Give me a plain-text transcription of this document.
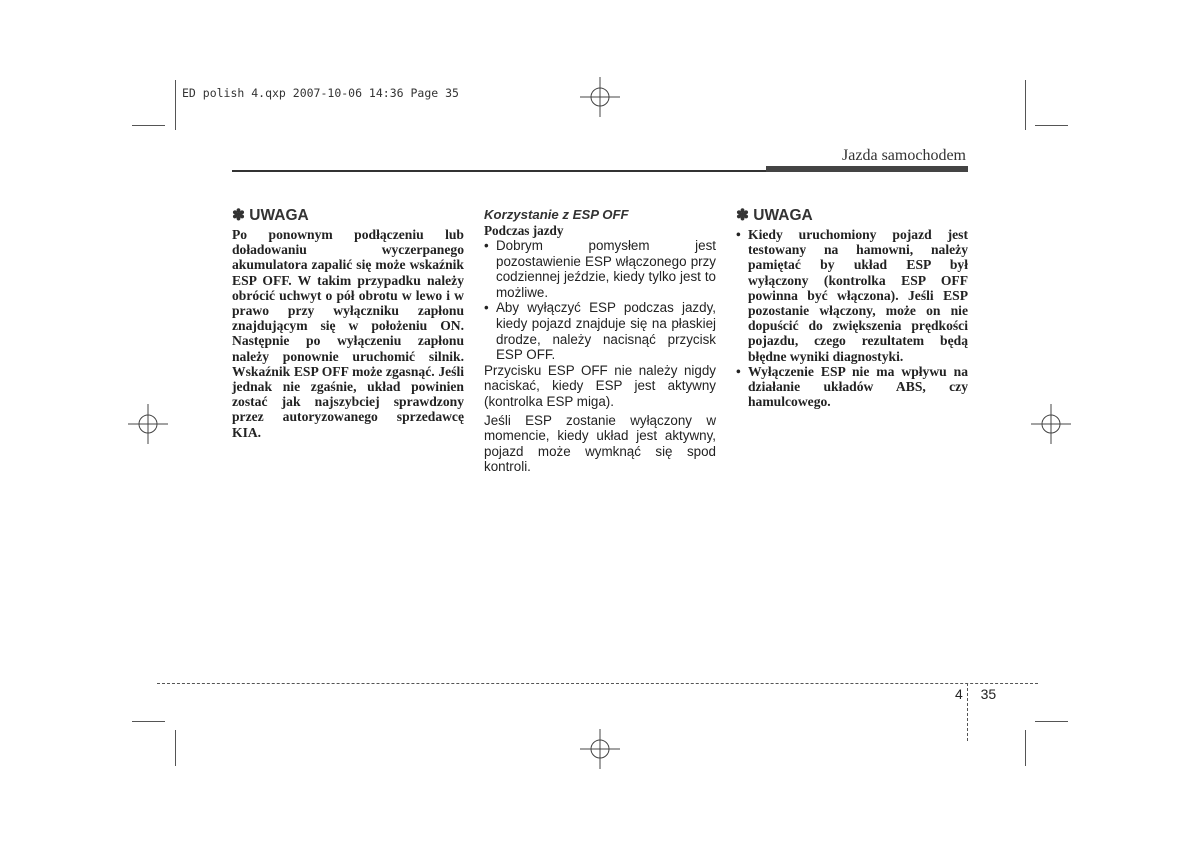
ED polish 4.qxp 2007-10-06 14:36 Page 35
Jazda samochodem
✽ UWAGA

Po ponownym podłączeniu lub doładowaniu wyczerpanego akumulatora zapalić się może wskaźnik ESP OFF. W takim przypadku należy obrócić uchwyt o pół obrotu w lewo i w prawo przy wyłączniku zapłonu znajdującym się w położeniu ON. Następnie po wyłączeniu zapłonu należy ponownie uruchomić silnik. Wskaźnik ESP OFF może zgasnąć. Jeśli jednak nie zgaśnie, układ powinien zostać jak najszybciej sprawdzony przez autoryzowanego sprzedawcę KIA.

Korzystanie z ESP OFF
Podczas jazdy
• Dobrym pomysłem jest pozostawienie ESP włączonego przy codziennej jeździe, kiedy tylko jest to możliwe.
• Aby wyłączyć ESP podczas jazdy, kiedy pojazd znajduje się na płaskiej drodze, należy nacisnąć przycisk ESP OFF.

Przycisku ESP OFF nie należy nigdy naciskać, kiedy ESP jest aktywny (kontrolka ESP miga).

Jeśli ESP zostanie wyłączony w momencie, kiedy układ jest aktywny, pojazd może wymknąć się spod kontroli.

✽ UWAGA
• Kiedy uruchomiony pojazd jest testowany na hamowni, należy pamiętać by układ ESP był wyłączony (kontrolka ESP OFF powinna być włączona). Jeśli ESP pozostanie włączony, może on nie dopuścić do zwiększenia prędkości pojazdu, czego rezultatem będą błędne wyniki diagnostyki.
• Wyłączenie ESP nie ma wpływu na działanie układów ABS, czy hamulcowego.
4 35
